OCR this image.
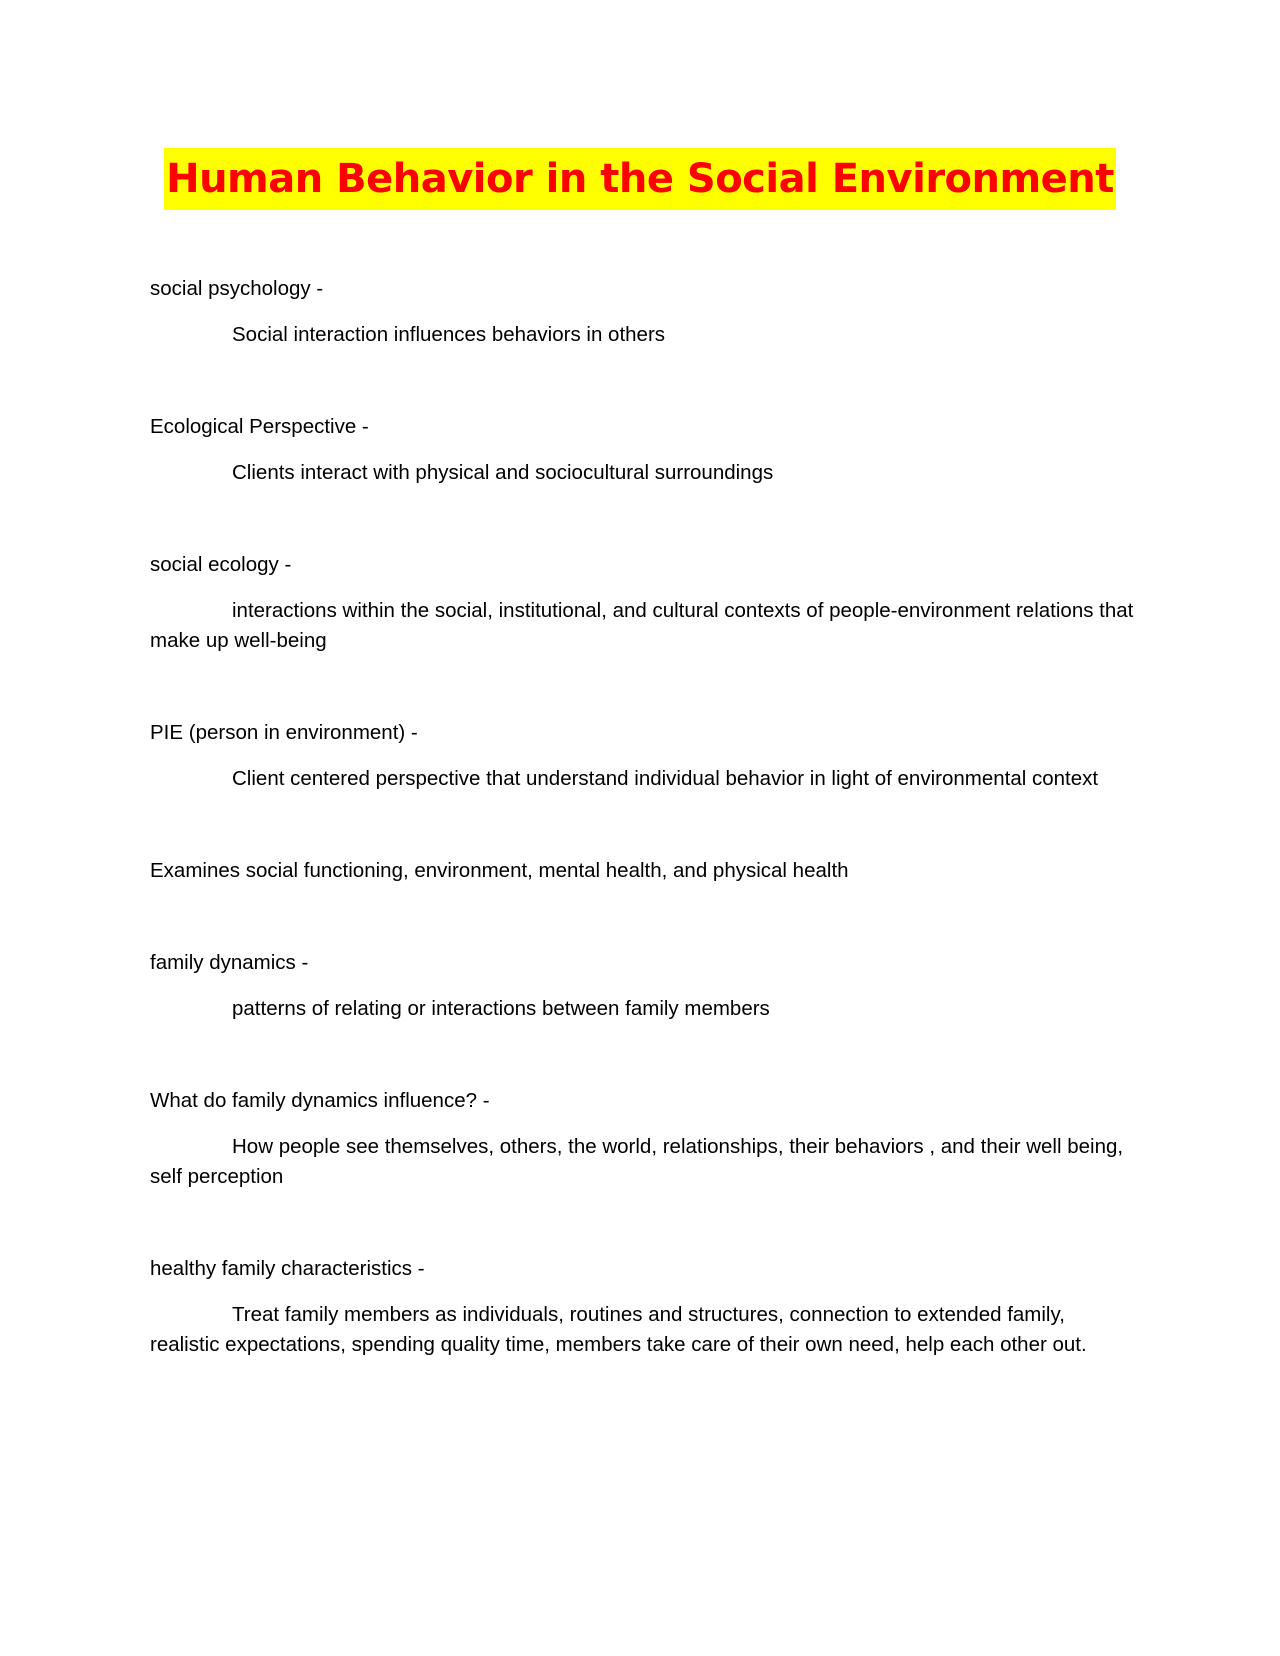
Human Behavior in the Social Environment

social psychology -

Social interaction influences behaviors in others

Ecological Perspective -

Clients interact with physical and sociocultural surroundings

social ecology -

interactions within the social, institutional, and cultural contexts of people-environment relations that make up well-being

PIE (person in environment) -

Client centered perspective that understand individual behavior in light of environmental context

Examines social functioning, environment, mental health, and physical health

family dynamics -

patterns of relating or interactions between family members

What do family dynamics influence? -

How people see themselves, others, the world, relationships, their behaviors , and their well being, self perception

healthy family characteristics -

Treat family members as individuals, routines and structures, connection to extended family, realistic expectations, spending quality time, members take care of their own need, help each other out.
